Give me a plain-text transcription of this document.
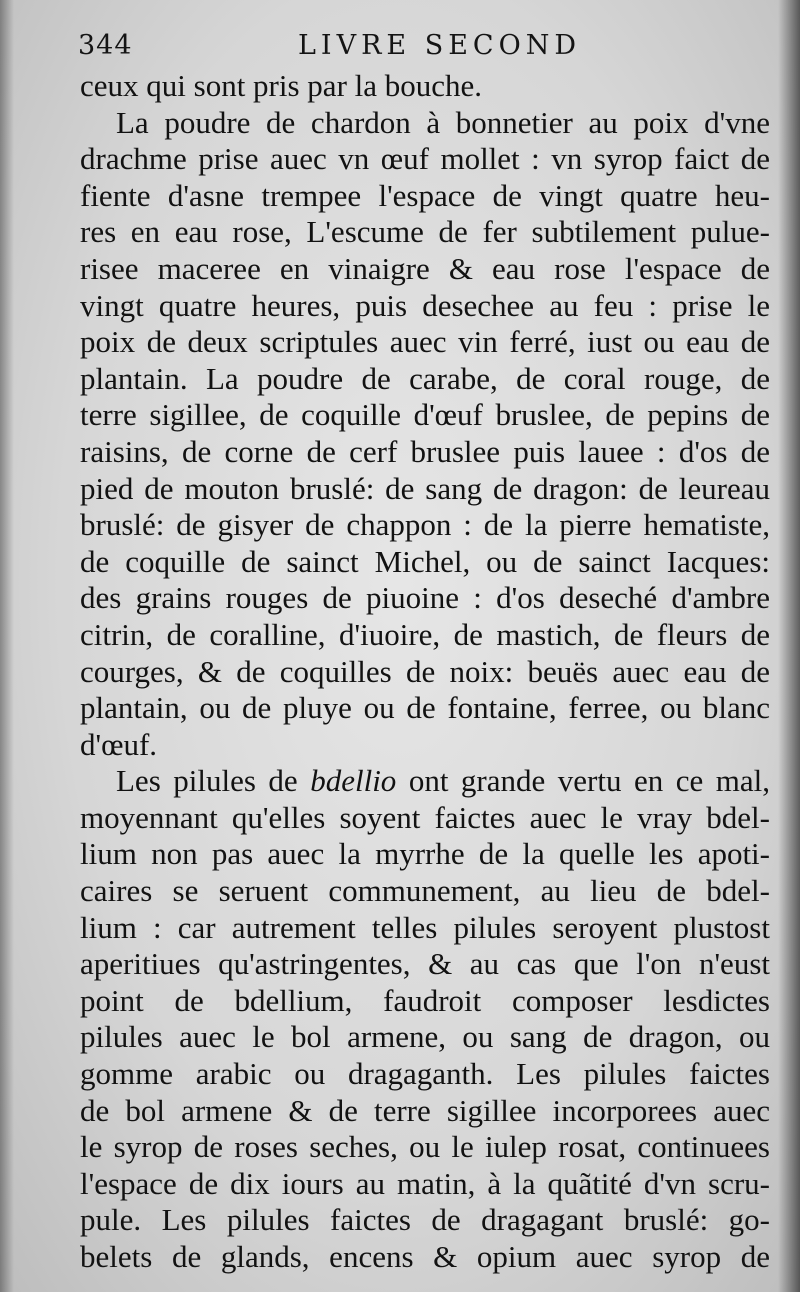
344	LIVRE SECOND
ceux qui sont pris par la bouche.
La poudre de chardon à bonnetier au poix d'vne
drachme prise auec vn œuf mollet : vn syrop faict de
fiente d'asne trempee l'espace de vingt quatre heu-
res en eau rose, L'escume de fer subtilement pulue-
risee maceree en vinaigre & eau rose l'espace de
vingt quatre heures, puis desechee au feu : prise le
poix de deux scriptules auec vin ferré, iust ou eau de
plantain. La poudre de carabe, de coral rouge, de
terre sigillee, de coquille d'œuf bruslee, de pepins de
raisins, de corne de cerf bruslee puis lauee : d'os de
pied de mouton bruslé: de sang de dragon: de leureau
bruslé: de gisyer de chappon : de la pierre hematiste,
de coquille de sainct Michel, ou de sainct Iacques:
des grains rouges de piuoine : d'os deseché d'ambre
citrin, de coralline, d'iuoire, de mastich, de fleurs de
courges, & de coquilles de noix: beuës auec eau de
plantain, ou de pluye ou de fontaine, ferree, ou blanc
d'œuf.
Les pilules de bdellio ont grande vertu en ce mal,
moyennant qu'elles soyent faictes auec le vray bdel-
lium non pas auec la myrrhe de la quelle les apoti-
caires se seruent communement, au lieu de bdel-
lium : car autrement telles pilules seroyent plustost
aperitiues qu'astringentes, & au cas que l'on n'eust
point de bdellium, faudroit composer lesdictes
pilules auec le bol armene, ou sang de dragon, ou
gomme arabic ou dragaganth. Les pilules faictes
de bol armene & de terre sigillee incorporees auec
le syrop de roses seches, ou le iulep rosat, continuees
l'espace de dix iours au matin, à la quãtité d'vn scru-
pule. Les pilules faictes de dragagant bruslé: go-
belets de glands, encens & opium auec syrop de
